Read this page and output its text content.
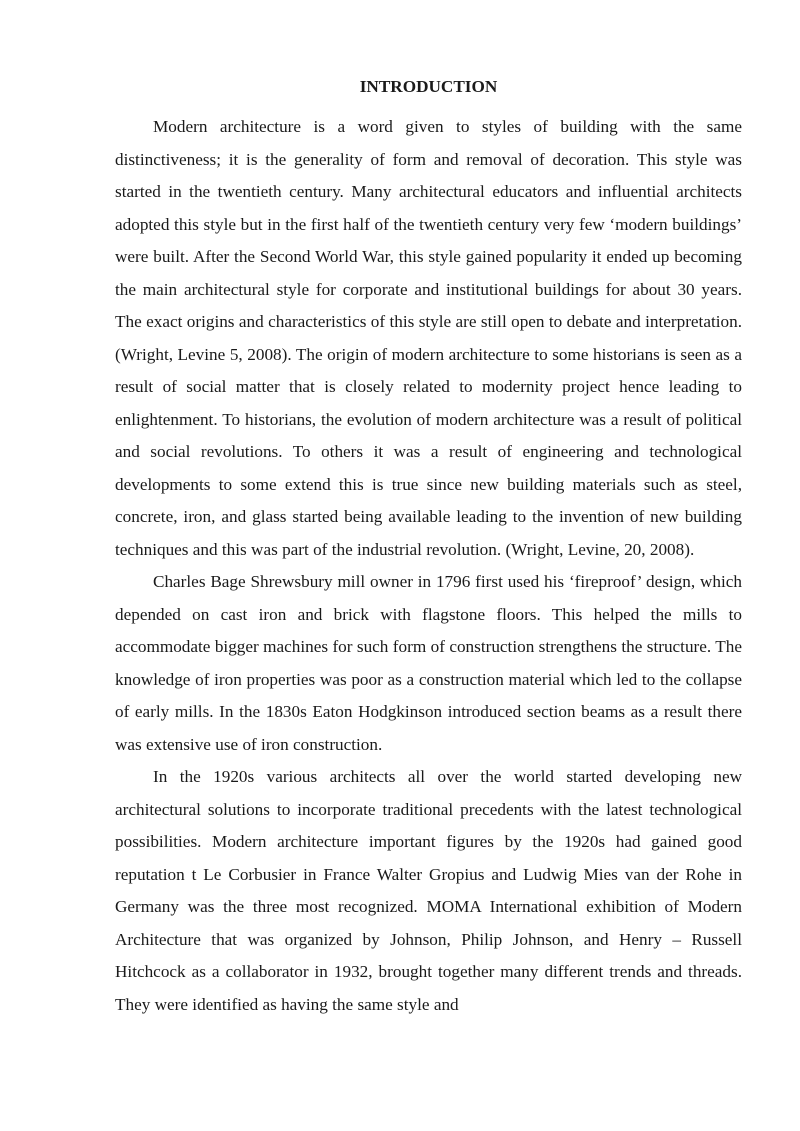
INTRODUCTION

Modern architecture is a word given to styles of building with the same distinctiveness; it is the generality of form and removal of decoration. This style was started in the twentieth century. Many architectural educators and influential architects adopted this style but in the first half of the twentieth century very few ‘modern buildings’ were built. After the Second World War, this style gained popularity it ended up becoming the main architectural style for corporate and institutional buildings for about 30 years. The exact origins and characteristics of this style are still open to debate and interpretation. (Wright, Levine 5, 2008). The origin of modern architecture to some historians is seen as a result of social matter that is closely related to modernity project hence leading to enlightenment. To historians, the evolution of modern architecture was a result of political and social revolutions. To others it was a result of engineering and technological developments to some extend this is true since new building materials such as steel, concrete, iron, and glass started being available leading to the invention of new building techniques and this was part of the industrial revolution. (Wright, Levine, 20, 2008).

Charles Bage Shrewsbury mill owner in 1796 first used his ‘fireproof’ design, which depended on cast iron and brick with flagstone floors. This helped the mills to accommodate bigger machines for such form of construction strengthens the structure. The knowledge of iron properties was poor as a construction material which led to the collapse of early mills. In the 1830s Eaton Hodgkinson introduced section beams as a result there was extensive use of iron construction.

In the 1920s various architects all over the world started developing new architectural solutions to incorporate traditional precedents with the latest technological possibilities. Modern architecture important figures by the 1920s had gained good reputation t Le Corbusier in France Walter Gropius and Ludwig Mies van der Rohe in Germany was the three most recognized. MOMA International exhibition of Modern Architecture that was organized by Johnson, Philip Johnson, and Henry – Russell Hitchcock as a collaborator in 1932, brought together many different trends and threads. They were identified as having the same style and
